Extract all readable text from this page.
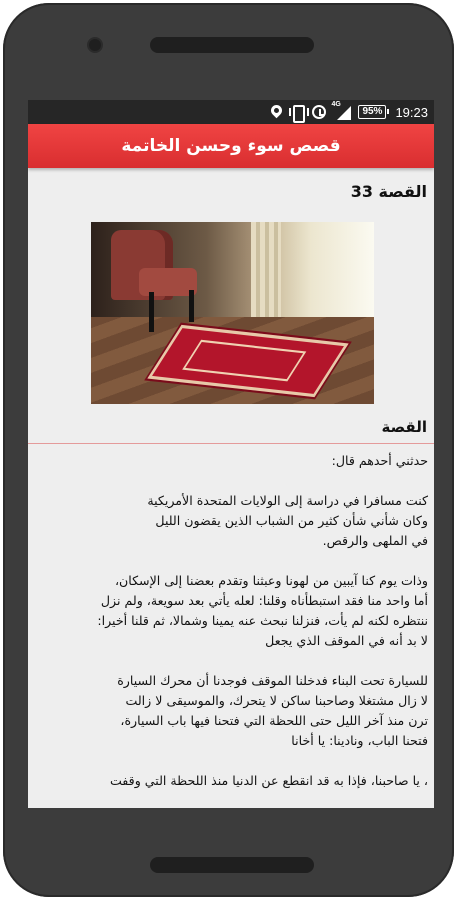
4G
95%	19:23
قصص سوء وحسن الخاتمة
القصة 33
القصة

حدثني أحدهم قال:

كنت مسافرا في دراسة إلى الولايات المتحدة الأمريكية
وكان شأني شأن كثير من الشباب الذين يقضون الليل
في الملهى والرقص.

وذات يوم كنا آيبين من لهونا وعبثنا وتقدم بعضنا إلى الإسكان،
أما واحد منا فقد استبطأناه وقلنا: لعله يأتي بعد سويعة، ولم نزل
ننتظره لكنه لم يأت، فنزلنا نبحث عنه يمينا وشمالا، ثم قلنا أخيرا:
لا بد أنه في الموقف الذي يجعل

للسيارة تحت البناء فدخلنا الموقف فوجدنا أن محرك السيارة
لا زال مشتغلا وصاحبنا ساكن لا يتحرك، والموسيقى لا زالت
ترن منذ آخر الليل حتى اللحظة التي فتحنا فيها باب السيارة،
فتحنا الباب، ونادينا: يا أخانا

، يا صاحبنا، فإذا به قد انقطع عن الدنيا منذ اللحظة التي وقفت
